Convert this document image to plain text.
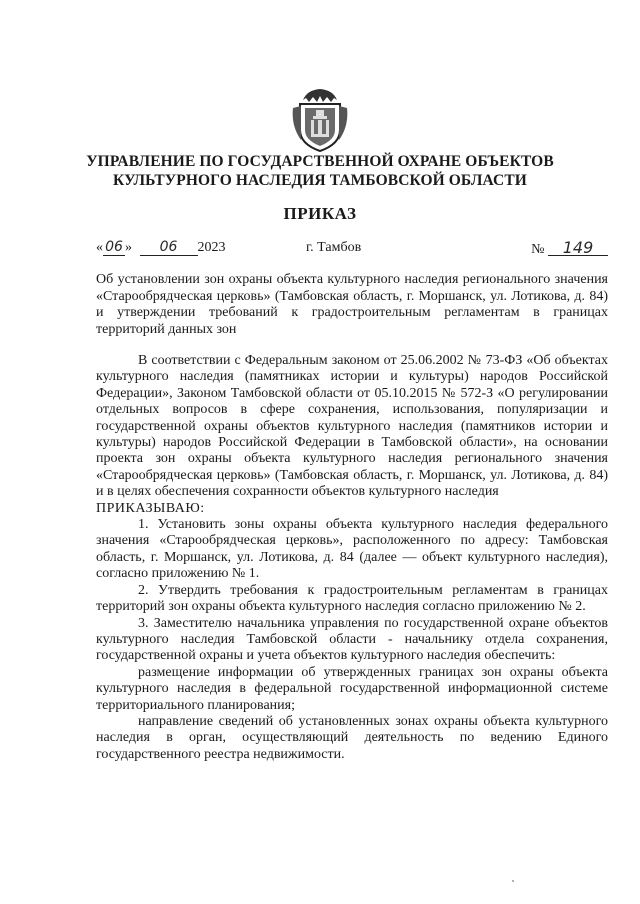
УПРАВЛЕНИЕ ПО ГОСУДАРСТВЕННОЙ ОХРАНЕ ОБЪЕКТОВ
КУЛЬТУРНОГО НАСЛЕДИЯ ТАМБОВСКОЙ ОБЛАСТИ
ПРИКАЗ
« 06 » 06 2023	г. Тамбов	№ 149

Об установлении зон охраны объекта культурного наследия регионального значения «Старообрядческая церковь» (Тамбовская область, г. Моршанск, ул. Лотикова, д. 84) и утверждении требований к градостроительным регламентам в границах территорий данных зон

В соответствии с Федеральным законом от 25.06.2002 № 73-ФЗ «Об объектах культурного наследия (памятниках истории и культуры) народов Российской Федерации», Законом Тамбовской области от 05.10.2015 № 572-З «О регулировании отдельных вопросов в сфере сохранения, использования, популяризации и государственной охраны объектов культурного наследия (памятников истории и культуры) народов Российской Федерации в Тамбовской области», на основании проекта зон охраны объекта культурного наследия регионального значения «Старообрядческая церковь» (Тамбовская область, г. Моршанск, ул. Лотикова, д. 84) и в целях обеспечения сохранности объектов культурного наследия

ПРИКАЗЫВАЮ:

1. Установить зоны охраны объекта культурного наследия федерального значения «Старообрядческая церковь», расположенного по адресу: Тамбовская область, г. Моршанск, ул. Лотикова, д. 84 (далее — объект культурного наследия), согласно приложению № 1.

2. Утвердить требования к градостроительным регламентам в границах территорий зон охраны объекта культурного наследия согласно приложению № 2.

3. Заместителю начальника управления по государственной охране объектов культурного наследия Тамбовской области - начальнику отдела сохранения, государственной охраны и учета объектов культурного наследия обеспечить:

размещение информации об утвержденных границах зон охраны объекта культурного наследия в федеральной государственной информационной системе территориального планирования;

направление сведений об установленных зонах охраны объекта культурного наследия в орган, осуществляющий деятельность по ведению Единого государственного реестра недвижимости.
